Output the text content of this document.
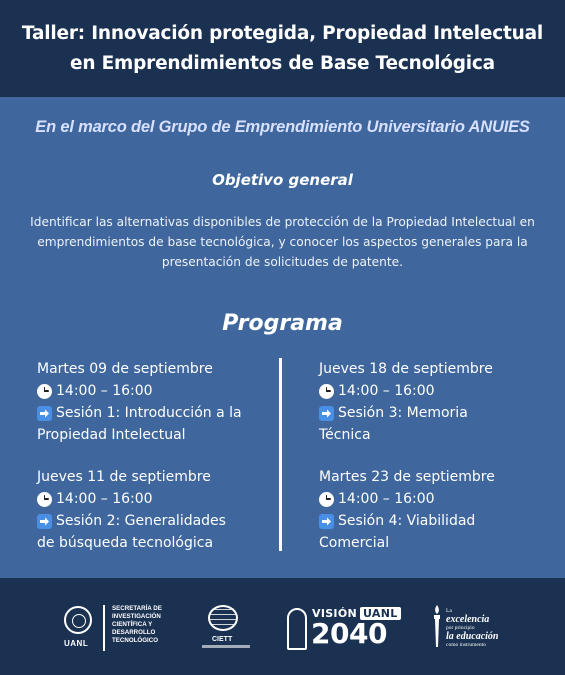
Taller: Innovación protegida, Propiedad Intelectual
en Emprendimientos de Base Tecnológica
En el marco del Grupo de Emprendimiento Universitario ANUIES
Objetivo general
Identificar las alternativas disponibles de protección de la Propiedad Intelectual en
emprendimientos de base tecnológica, y conocer los aspectos generales para la
presentación de solicitudes de patente.
Programa
Martes 09 de septiembre
14:00 – 16:00
Sesión 1: Introducción a la
Propiedad Intelectual
Jueves 18 de septiembre
14:00 – 16:00
Sesión 3: Memoria
Técnica
Jueves 11 de septiembre
14:00 – 16:00
Sesión 2: Generalidades
de búsqueda tecnológica
Martes 23 de septiembre
14:00 – 16:00
Sesión 4: Viabilidad
Comercial
UANL
SECRETARÍA DE
INVESTIGACIÓN
CIENTÍFICA Y
DESARROLLO
TECNOLÓGICO	CIETT
VISIÓN UANL
2040
La
excelencia
por principio
la educación
como instrumento
